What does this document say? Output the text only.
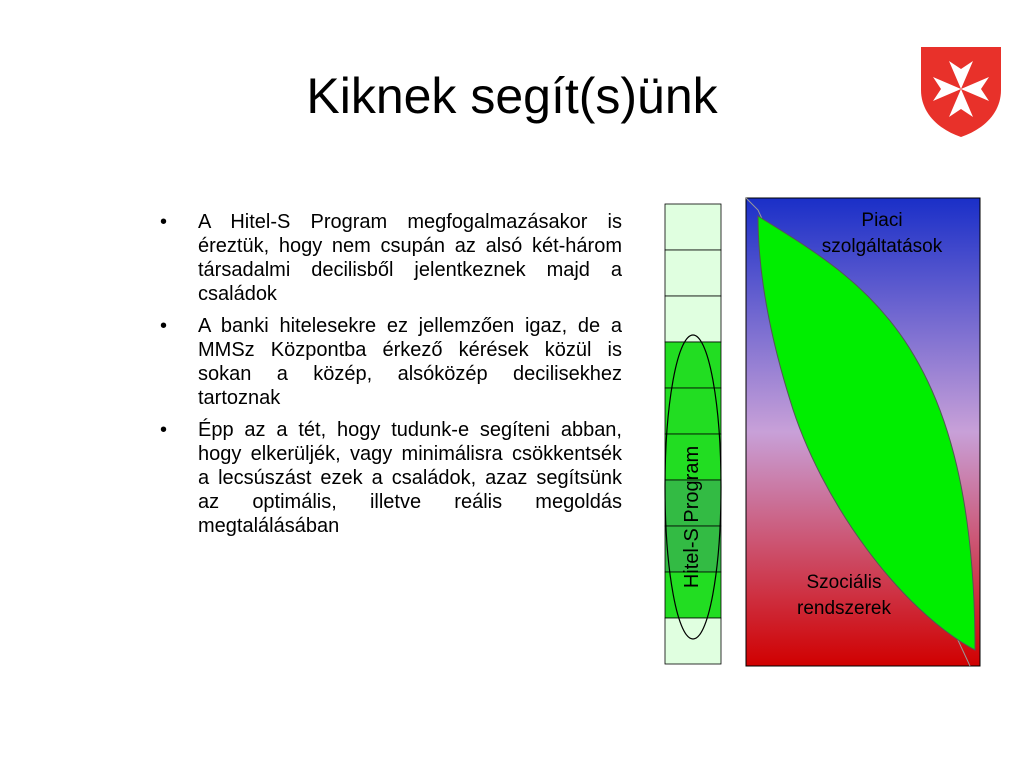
Kiknek segít(s)ünk
• A Hitel-S Program megfogalmazásakor is éreztük, hogy nem csupán az alsó két-három társadalmi decilisből jelentkeznek majd a családok
• A banki hitelesekre ez jellemzően igaz, de a MMSz Központba érkező kérések közül is sokan a közép, alsóközép decilisekhez tartoznak
• Épp az a tét, hogy tudunk-e segíteni abban, hogy elkerüljék, vagy minimálisra csökkentsék a lecsúszást ezek a családok, azaz segítsünk az optimális, illetve reális megoldás megtalálásában
Piaci szolgáltatások
Szociális rendszerek
Hitel-S Program
